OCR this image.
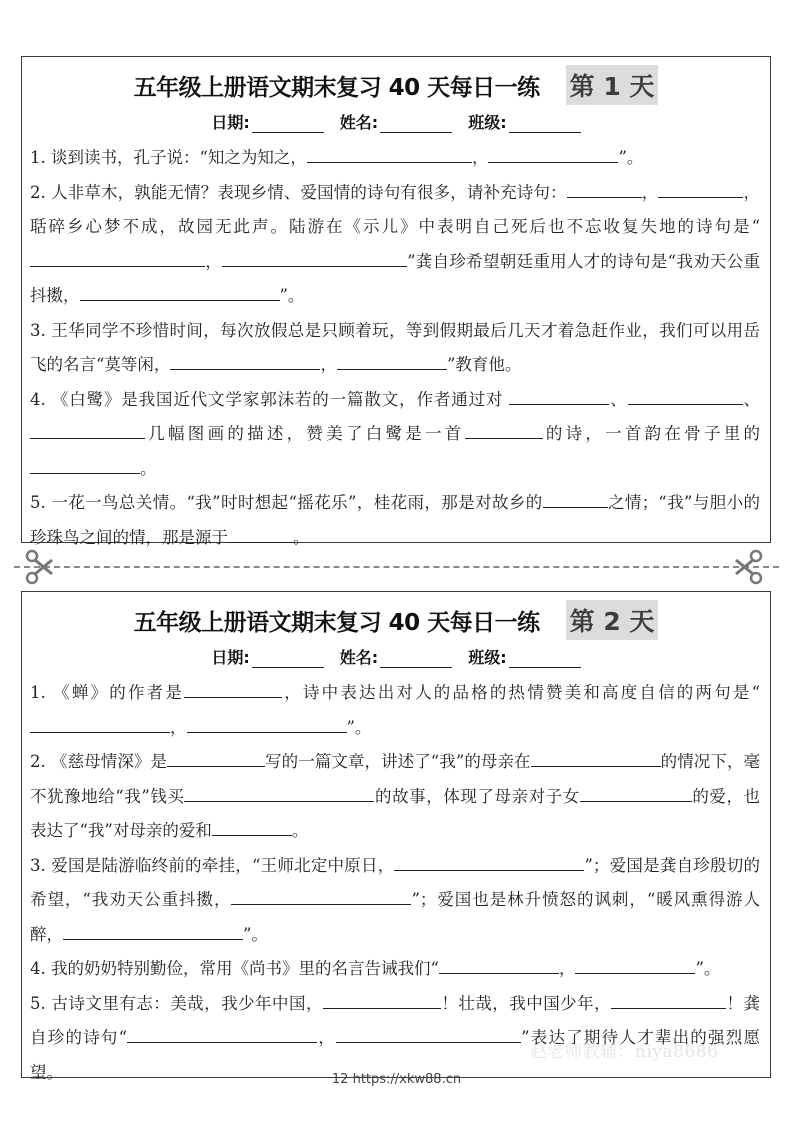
五年级上册语文期末复习 40 天每日一练 第 1 天
日期:	姓名:	班级:

1. 谈到读书，孔子说：“知之为知之，	，	”。

2. 人非草木，孰能无情？表现乡情、爱国情的诗句有很多，请补充诗句：	，	，聒碎乡心梦不成，故园无此声。陆游在《示儿》中表明自己死后也不忘收复失地的诗句是“，	”龚自珍希望朝廷重用人才的诗句是“我劝天公重抖擞，	”。

3. 王华同学不珍惜时间，每次放假总是只顾着玩，等到假期最后几天才着急赶作业，我们可以用岳飞的名言“莫等闲，	，	”教育他。

4. 《白鹭》是我国近代文学家郭沫若的一篇散文，作者通过对	、	、几幅图画的描述，赞美了白鹭是一首	的诗，一首韵在骨子里的。

5. 一花一鸟总关情。“我”时时想起“摇花乐”，桂花雨，那是对故乡的	之情；“我”与胆小的珍珠鸟之间的情，那是源于	。

五年级上册语文期末复习 40 天每日一练 第 2 天
日期:	姓名:	班级:

1. 《蝉》的作者是	，诗中表达出对人的品格的热情赞美和高度自信的两句是“，	”。

2. 《慈母情深》是	写的一篇文章，讲述了“我”的母亲在	的情况下，毫不犹豫地给“我”钱买	的故事，体现了母亲对子女	的爱，也表达了“我”对母亲的爱和	。

3. 爱国是陆游临终前的牵挂，“王师北定中原日，	”；爱国是龚自珍殷切的希望，“我劝天公重抖擞，	”；爱国也是林升愤怒的讽刺，“暖风熏得游人醉，	”。

4. 我的奶奶特别勤俭，常用《尚书》里的名言告诫我们“	，	”。

5. 古诗文里有志：美哉，我少年中国，	！壮哉，我中国少年，	！龚自珍的诗句“	，	”表达了期待人才辈出的强烈愿望。

赵老师教辅：niya8686
12 https://xkw88.cn
